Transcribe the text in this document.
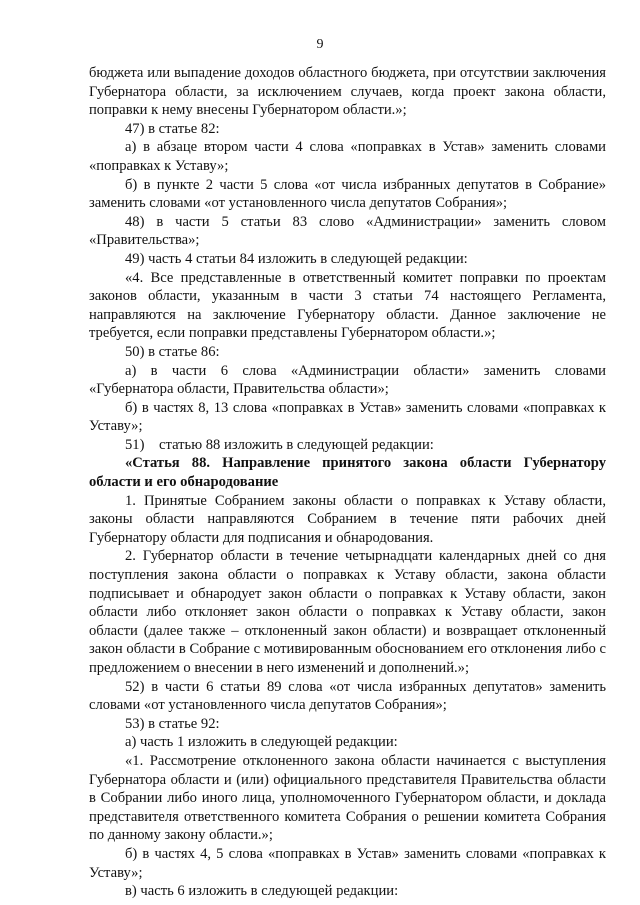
9

бюджета или выпадение доходов областного бюджета, при отсутствии заключения Губернатора области, за исключением случаев, когда проект закона области, поправки к нему внесены Губернатором области.»;

47) в статье 82:

а) в абзаце втором части 4 слова «поправках в Устав» заменить словами «поправках к Уставу»;

б) в пункте 2 части 5 слова «от числа избранных депутатов в Собрание» заменить словами «от установленного числа депутатов Собрания»;

48) в части 5 статьи 83 слово «Администрации» заменить словом «Правительства»;

49) часть 4 статьи 84 изложить в следующей редакции:

«4. Все представленные в ответственный комитет поправки по проектам законов области, указанным в части 3 статьи 74 настоящего Регламента, направляются на заключение Губернатору области. Данное заключение не требуется, если поправки представлены Губернатором области.»;

50) в статье 86:

а) в части 6 слова «Администрации области» заменить словами «Губернатора области, Правительства области»;

б) в частях 8, 13 слова «поправках в Устав» заменить словами «поправках к Уставу»;

51)    статью 88 изложить в следующей редакции:

«Статья 88. Направление принятого закона области Губернатору области и его обнародование

1. Принятые Собранием законы области о поправках к Уставу области, законы области направляются Собранием в течение пяти рабочих дней Губернатору области для подписания и обнародования.

2. Губернатор области в течение четырнадцати календарных дней со дня поступления закона области о поправках к Уставу области, закона области подписывает и обнародует закон области о поправках к Уставу области, закон области либо отклоняет закон области о поправках к Уставу области, закон области (далее также – отклоненный закон области) и возвращает отклоненный закон области в Собрание с мотивированным обоснованием его отклонения либо с предложением о внесении в него изменений и дополнений.»;

52) в части 6 статьи 89 слова «от числа избранных депутатов» заменить словами «от установленного числа депутатов Собрания»;

53) в статье 92:

а) часть 1 изложить в следующей редакции:

«1. Рассмотрение отклоненного закона области начинается с выступления Губернатора области и (или) официального представителя Правительства области в Собрании либо иного лица, уполномоченного Губернатором области, и доклада представителя ответственного комитета Собрания о решении комитета Собрания по данному закону области.»;

б) в частях 4, 5 слова «поправках в Устав» заменить словами «поправках к Уставу»;

в) часть 6 изложить в следующей редакции:
